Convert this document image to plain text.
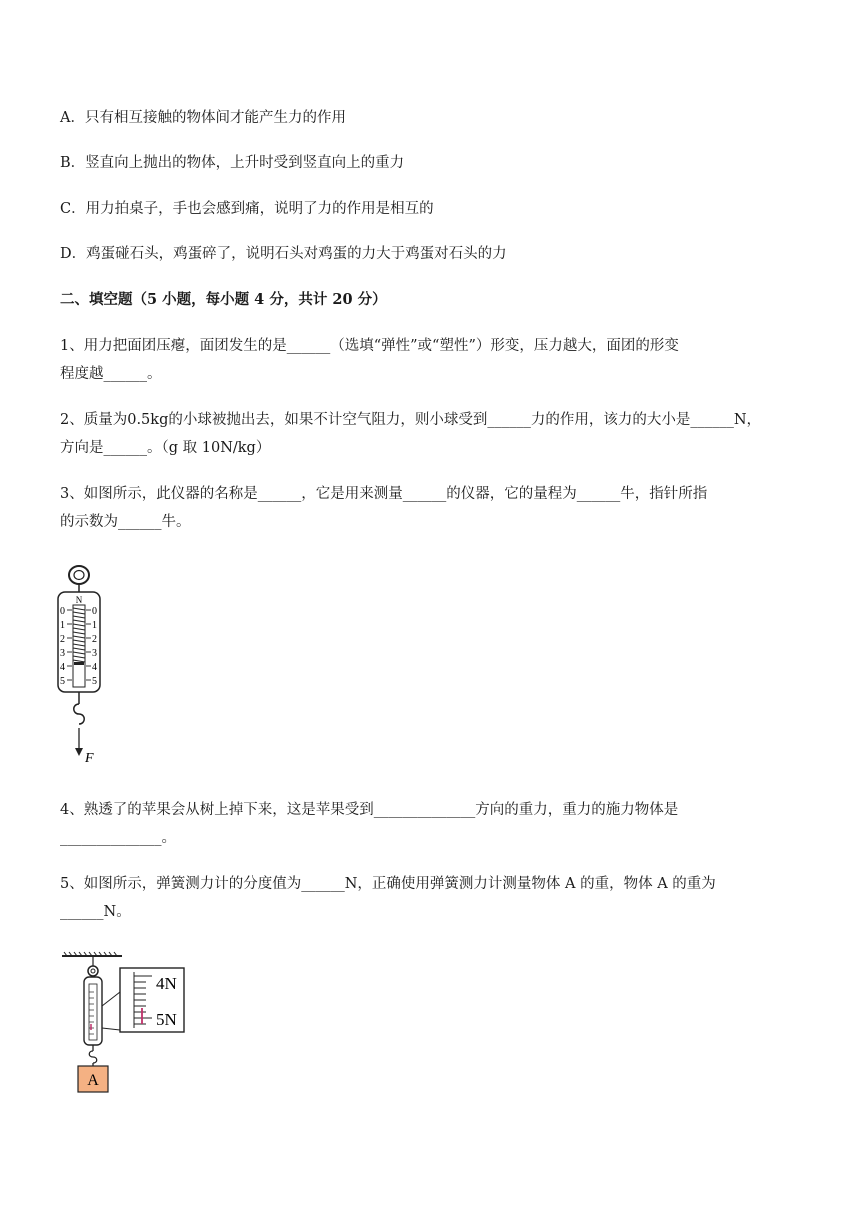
A．只有相互接触的物体间才能产生力的作用
B．竖直向上抛出的物体，上升时受到竖直向上的重力
C．用力拍桌子，手也会感到痛，说明了力的作用是相互的
D．鸡蛋碰石头，鸡蛋碎了，说明石头对鸡蛋的力大于鸡蛋对石头的力
二、填空题（5 小题，每小题 4 分，共计 20 分）
1、用力把面团压瘪，面团发生的是______（选填“弹性”或“塑性”）形变，压力越大，面团的形变
程度越______。
2、质量为0.5kg的小球被抛出去，如果不计空气阻力，则小球受到______力的作用，该力的大小是______N，
方向是______。（g 取 10N/kg）
3、如图所示，此仪器的名称是______，它是用来测量______的仪器，它的量程为______牛，指针所指
的示数为______牛。
N
0
1
2
3
4
5
0
1
2
3
4
5
F
4、熟透了的苹果会从树上掉下来，这是苹果受到______________方向的重力，重力的施力物体是
______________。
5、如图所示，弹簧测力计的分度值为______N，正确使用弹簧测力计测量物体 A 的重，物体 A 的重为
______N。
4N
5N
A
